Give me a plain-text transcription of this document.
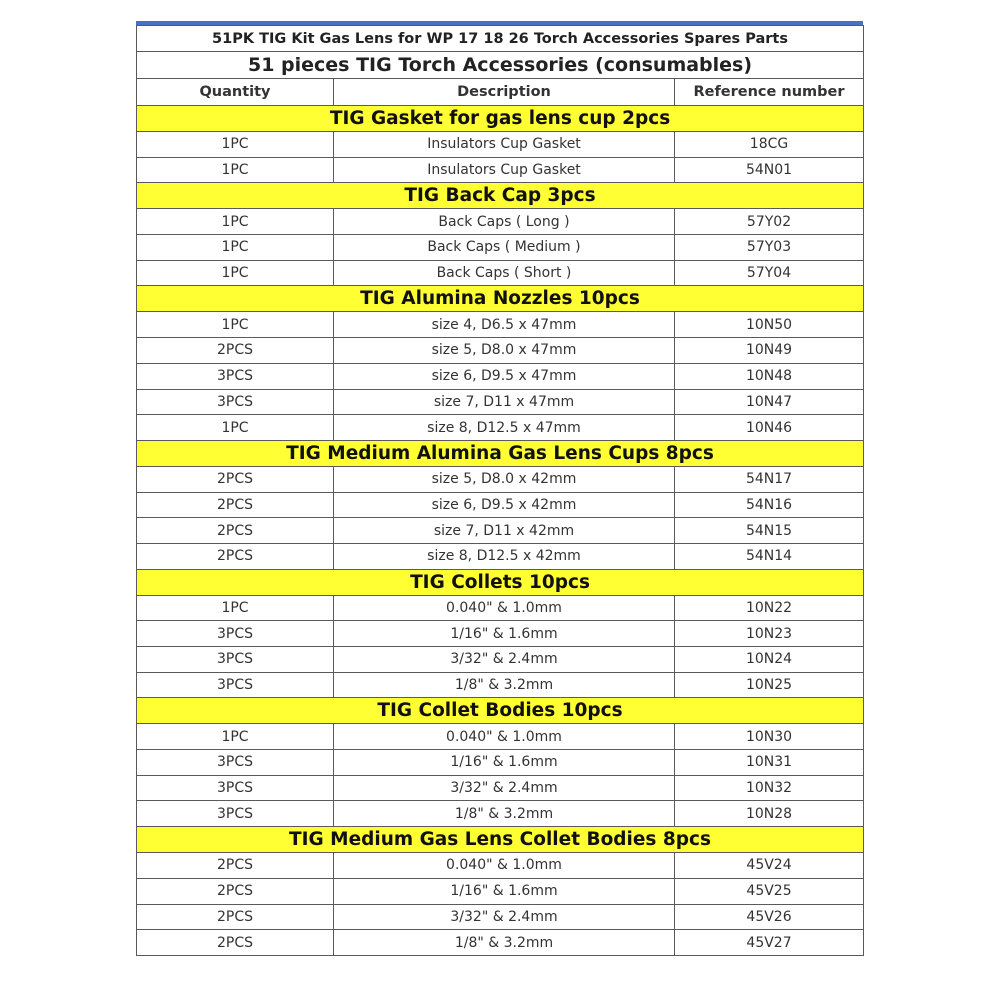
51PK TIG Kit Gas Lens for WP 17 18 26 Torch Accessories Spares Parts		
51 pieces TIG Torch Accessories (consumables)		
Quantity	Description	Reference number
TIG Gasket for gas lens cup 2pcs		
1PC	Insulators Cup Gasket	18CG
1PC	Insulators Cup Gasket	54N01
TIG Back Cap 3pcs		
1PC	Back Caps ( Long )	57Y02
1PC	Back Caps ( Medium )	57Y03
1PC	Back Caps ( Short )	57Y04
TIG Alumina Nozzles 10pcs		
1PC	size 4, D6.5 x 47mm	10N50
2PCS	size 5, D8.0 x 47mm	10N49
3PCS	size 6, D9.5 x 47mm	10N48
3PCS	size 7, D11 x 47mm	10N47
1PC	size 8, D12.5 x 47mm	10N46
TIG Medium Alumina Gas Lens Cups 8pcs		
2PCS	size 5, D8.0 x 42mm	54N17
2PCS	size 6, D9.5 x 42mm	54N16
2PCS	size 7, D11 x 42mm	54N15
2PCS	size 8, D12.5 x 42mm	54N14
TIG Collets 10pcs		
1PC	0.040" & 1.0mm	10N22
3PCS	1/16" & 1.6mm	10N23
3PCS	3/32" & 2.4mm	10N24
3PCS	1/8" & 3.2mm	10N25
TIG Collet Bodies 10pcs		
1PC	0.040" & 1.0mm	10N30
3PCS	1/16" & 1.6mm	10N31
3PCS	3/32" & 2.4mm	10N32
3PCS	1/8" & 3.2mm	10N28
TIG Medium Gas Lens Collet Bodies 8pcs		
2PCS	0.040" & 1.0mm	45V24
2PCS	1/16" & 1.6mm	45V25
2PCS	3/32" & 2.4mm	45V26
2PCS	1/8" & 3.2mm	45V27
